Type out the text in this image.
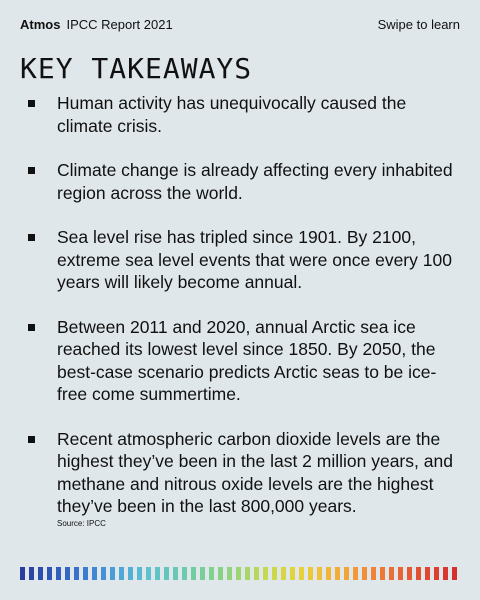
Atmos IPCC Report 2021	Swipe to learn
KEY TAKEAWAYS
Human activity has unequivocally caused the climate crisis.
Climate change is already affecting every inhabited region across the world.
Sea level rise has tripled since 1901. By 2100, extreme sea level events that were once every 100 years will likely become annual.
Between 2011 and 2020, annual Arctic sea ice reached its lowest level since 1850. By 2050, the best-case scenario predicts Arctic seas to be ice-free come summertime.
Recent atmospheric carbon dioxide levels are the highest they’ve been in the last 2 million years, and methane and nitrous oxide levels are the highest they’ve been in the last 800,000 years.
Source: IPCC
